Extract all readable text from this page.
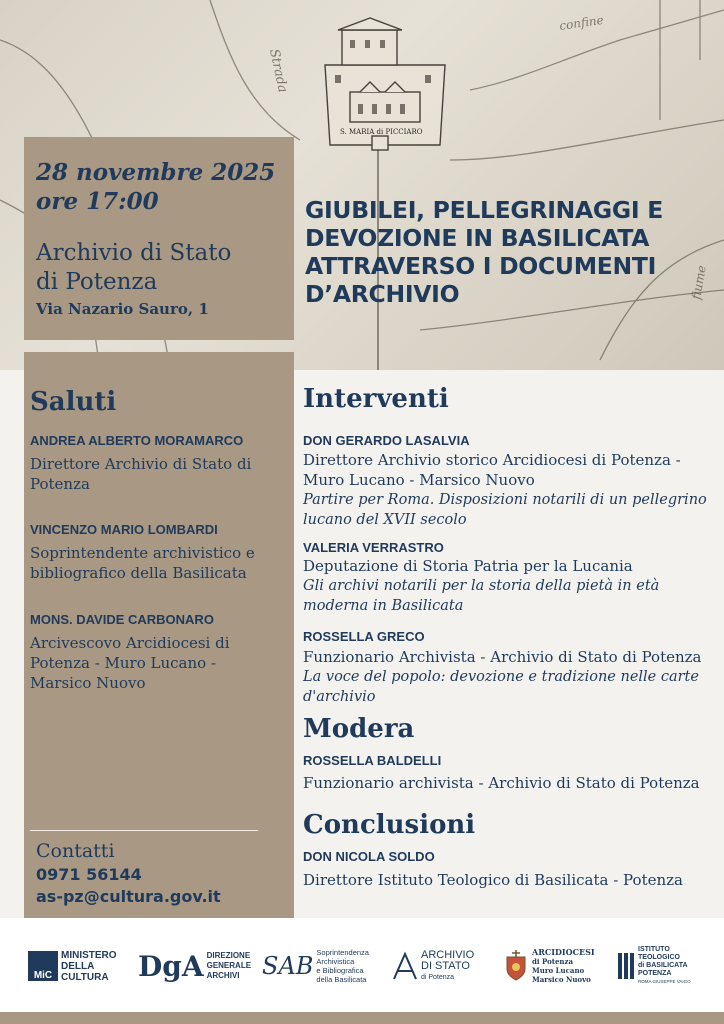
Strada
confine
fiume
S. MARIA di PICCIARO
28 novembre 2025
ore 17:00
Archivio di Stato
di Potenza
Via Nazario Sauro, 1
GIUBILEI, PELLEGRINAGGI E DEVOZIONE IN BASILICATA ATTRAVERSO I DOCUMENTI D’ARCHIVIO
Saluti
ANDREA ALBERTO MORAMARCO
Direttore Archivio di Stato di
Potenza
VINCENZO MARIO LOMBARDI
Soprintendente archivistico e
bibliografico della Basilicata
MONS. DAVIDE CARBONARO
Arcivescovo Arcidiocesi di
Potenza - Muro Lucano -
Marsico Nuovo
Contatti
0971 56144
as-pz@cultura.gov.it
Interventi
DON GERARDO LASALVIA
Direttore Archivio storico Arcidiocesi di Potenza -
Muro Lucano - Marsico Nuovo
Partire per Roma. Disposizioni notarili di un pellegrino
lucano del XVII secolo
VALERIA VERRASTRO
Deputazione di Storia Patria per la Lucania
Gli archivi notarili per la storia della pietà in età
moderna in Basilicata
ROSSELLA GRECO
Funzionario Archivista - Archivio di Stato di Potenza
La voce del popolo: devozione e tradizione nelle carte
d'archivio
Modera
ROSSELLA BALDELLI
Funzionario archivista - Archivio di Stato di Potenza
Conclusioni
DON NICOLA SOLDO
Direttore Istituto Teologico di Basilicata - Potenza
MiC
MINISTERO
DELLA
CULTURA DgA DIREZIONE
GENERALE
ARCHIVI SAB Soprintendenza
Archivistica
e Bibliografica
della Basilicata
ARCHIVIO
DI STATO
di Potenza
ARCIDIOCESI
di Potenza
Muro Lucano
Marsico Nuovo
ISTITUTO
TEOLOGICO
di BASILICATA
POTENZA
ROMA GIUSEPPE VAIGO
